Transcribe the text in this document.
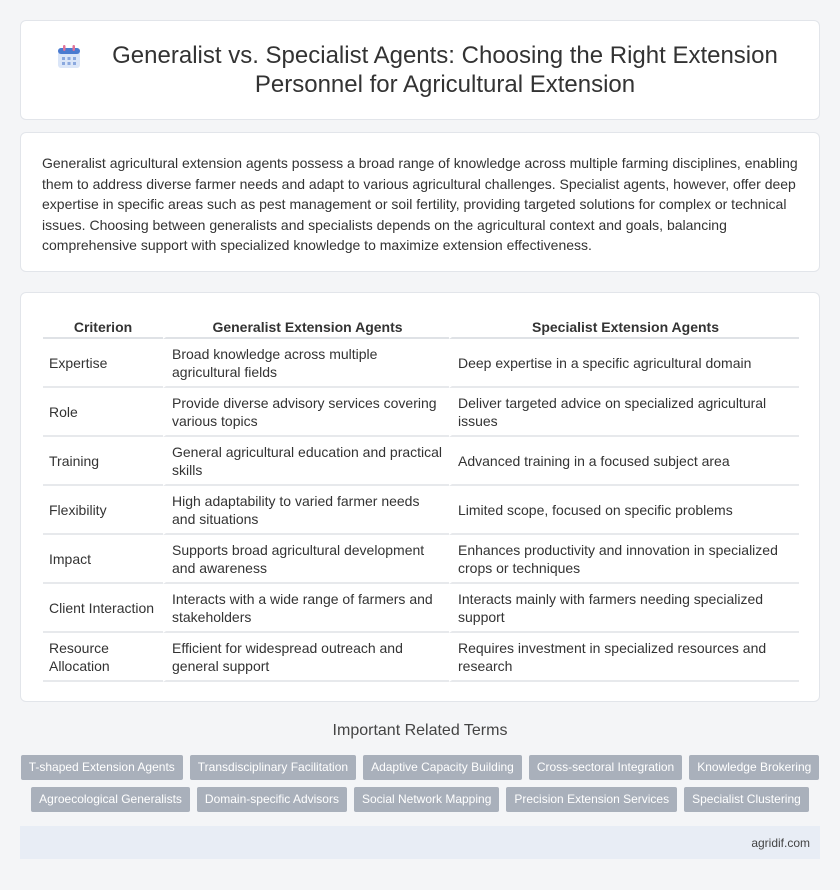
Generalist vs. Specialist Agents: Choosing the Right Extension Personnel for Agricultural Extension

Generalist agricultural extension agents possess a broad range of knowledge across multiple farming disciplines, enabling them to address diverse farmer needs and adapt to various agricultural challenges. Specialist agents, however, offer deep expertise in specific areas such as pest management or soil fertility, providing targeted solutions for complex or technical issues. Choosing between generalists and specialists depends on the agricultural context and goals, balancing comprehensive support with specialized knowledge to maximize extension effectiveness.

Criterion	Generalist Extension Agents	Specialist Extension Agents
Expertise	Broad knowledge across multiple agricultural fields	Deep expertise in a specific agricultural domain
Role	Provide diverse advisory services covering various topics	Deliver targeted advice on specialized agricultural issues
Training	General agricultural education and practical skills	Advanced training in a focused subject area
Flexibility	High adaptability to varied farmer needs and situations	Limited scope, focused on specific problems
Impact	Supports broad agricultural development and awareness	Enhances productivity and innovation in specialized crops or techniques
Client Interaction	Interacts with a wide range of farmers and stakeholders	Interacts mainly with farmers needing specialized support
Resource Allocation	Efficient for widespread outreach and general support	Requires investment in specialized resources and research
Important Related Terms
T-shaped Extension Agents	Transdisciplinary Facilitation	Adaptive Capacity Building	Cross-sectoral Integration	Knowledge Brokering
Agroecological Generalists	Domain-specific Advisors	Social Network Mapping	Precision Extension Services	Specialist Clustering
agridif.com
